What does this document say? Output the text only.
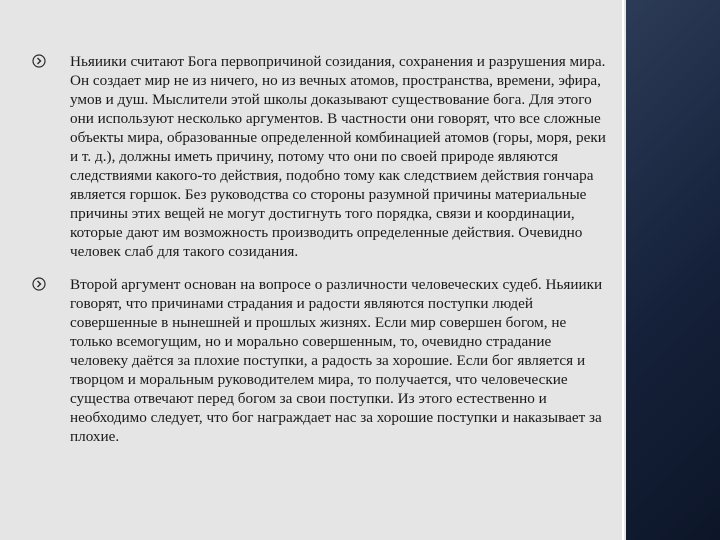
Ньяиики считают Бога первопричиной созидания, сохранения и разрушения мира. Он создает мир не из ничего, но из вечных атомов, пространства, времени, эфира, умов и душ. Мыслители этой школы доказывают существование бога. Для этого они используют несколько аргументов. В частности они говорят, что все сложные объекты мира, образованные определенной комбинацией атомов (горы, моря, реки и т. д.), должны иметь причину, потому что они по своей природе являются следствиями какого-то действия, подобно тому как следствием действия гончара является горшок. Без руководства со стороны разумной причины материальные причины этих вещей не могут достигнуть того порядка, связи и координации, которые дают им возможность производить определенные действия. Очевидно человек слаб для такого созидания.
Второй аргумент основан на вопросе о различности человеческих судеб. Ньяиики говорят, что причинами страдания и радости являются поступки людей совершенные в нынешней и прошлых жизнях. Если мир совершен богом, не только всемогущим, но и морально совершенным, то, очевидно страдание человеку даётся за плохие поступки, а радость за хорошие. Если бог является и творцом и моральным руководителем мира, то получается, что человеческие существа отвечают перед богом за свои поступки. Из этого естественно и необходимо следует, что бог награждает нас за хорошие поступки и наказывает за плохие.
